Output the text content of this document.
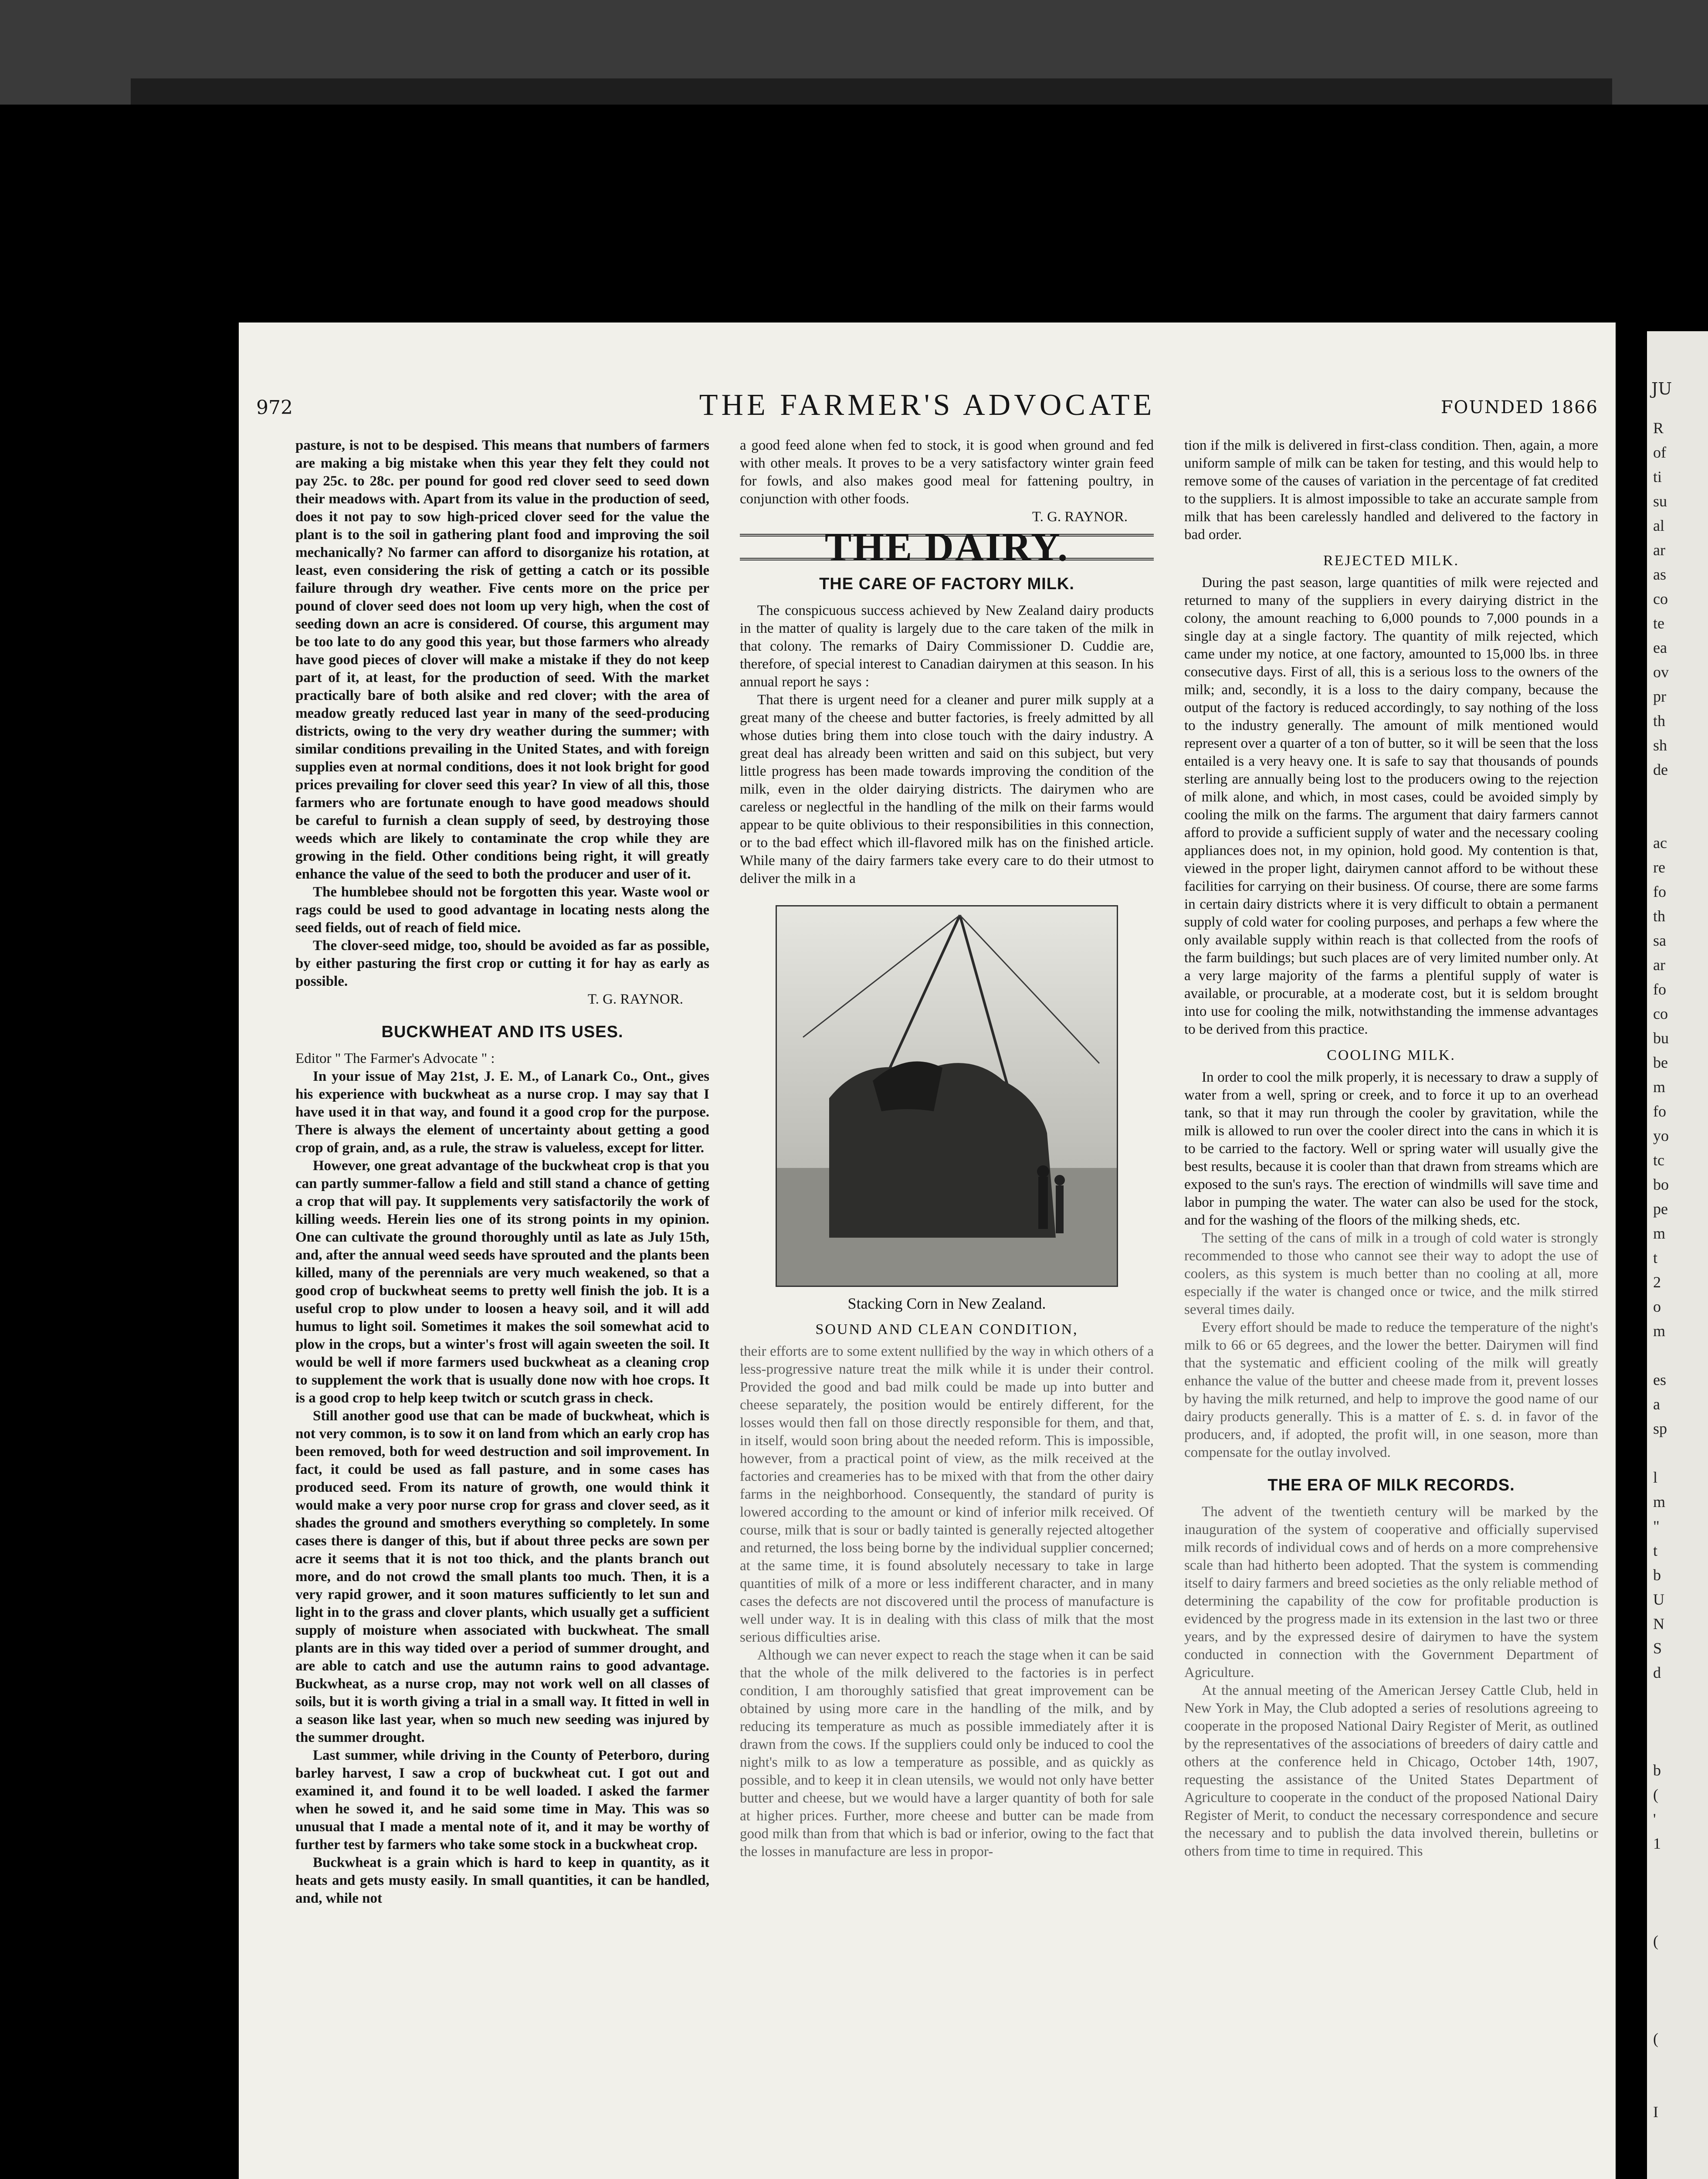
972	THE FARMER'S ADVOCATE	FOUNDED 1866

pasture, is not to be despised. This means that numbers of farmers are making a big mistake when this year they felt they could not pay 25c. to 28c. per pound for good red clover seed to seed down their meadows with. Apart from its value in the production of seed, does it not pay to sow high-priced clover seed for the value the plant is to the soil in gathering plant food and improving the soil mechanically? No farmer can afford to disorganize his rotation, at least, even considering the risk of getting a catch or its possible failure through dry weather. Five cents more on the price per pound of clover seed does not loom up very high, when the cost of seeding down an acre is considered. Of course, this argument may be too late to do any good this year, but those farmers who already have good pieces of clover will make a mistake if they do not keep part of it, at least, for the production of seed. With the market practically bare of both alsike and red clover; with the area of meadow greatly reduced last year in many of the seed-producing districts, owing to the very dry weather during the summer; with similar conditions prevailing in the United States, and with foreign supplies even at normal conditions, does it not look bright for good prices prevailing for clover seed this year? In view of all this, those farmers who are fortunate enough to have good meadows should be careful to furnish a clean supply of seed, by destroying those weeds which are likely to contaminate the crop while they are growing in the field. Other conditions being right, it will greatly enhance the value of the seed to both the producer and user of it.

The humblebee should not be forgotten this year. Waste wool or rags could be used to good advantage in locating nests along the seed fields, out of reach of field mice.

The clover-seed midge, too, should be avoided as far as possible, by either pasturing the first crop or cutting it for hay as early as possible.

T. G. RAYNOR.
BUCKWHEAT AND ITS USES.

Editor " The Farmer's Advocate " :

In your issue of May 21st, J. E. M., of Lanark Co., Ont., gives his experience with buckwheat as a nurse crop. I may say that I have used it in that way, and found it a good crop for the purpose. There is always the element of uncertainty about getting a good crop of grain, and, as a rule, the straw is valueless, except for litter.

However, one great advantage of the buckwheat crop is that you can partly summer-fallow a field and still stand a chance of getting a crop that will pay. It supplements very satisfactorily the work of killing weeds. Herein lies one of its strong points in my opinion. One can cultivate the ground thoroughly until as late as July 15th, and, after the annual weed seeds have sprouted and the plants been killed, many of the perennials are very much weakened, so that a good crop of buckwheat seems to pretty well finish the job. It is a useful crop to plow under to loosen a heavy soil, and it will add humus to light soil. Sometimes it makes the soil somewhat acid to plow in the crops, but a winter's frost will again sweeten the soil. It would be well if more farmers used buckwheat as a cleaning crop to supplement the work that is usually done now with hoe crops. It is a good crop to help keep twitch or scutch grass in check.

Still another good use that can be made of buckwheat, which is not very common, is to sow it on land from which an early crop has been removed, both for weed destruction and soil improvement. In fact, it could be used as fall pasture, and in some cases has produced seed. From its nature of growth, one would think it would make a very poor nurse crop for grass and clover seed, as it shades the ground and smothers everything so completely. In some cases there is danger of this, but if about three pecks are sown per acre it seems that it is not too thick, and the plants branch out more, and do not crowd the small plants too much. Then, it is a very rapid grower, and it soon matures sufficiently to let sun and light in to the grass and clover plants, which usually get a sufficient supply of moisture when associated with buckwheat. The small plants are in this way tided over a period of summer drought, and are able to catch and use the autumn rains to good advantage. Buckwheat, as a nurse crop, may not work well on all classes of soils, but it is worth giving a trial in a small way. It fitted in well in a season like last year, when so much new seeding was injured by the summer drought.

Last summer, while driving in the County of Peterboro, during barley harvest, I saw a crop of buckwheat cut. I got out and examined it, and found it to be well loaded. I asked the farmer when he sowed it, and he said some time in May. This was so unusual that I made a mental note of it, and it may be worthy of further test by farmers who take some stock in a buckwheat crop.

Buckwheat is a grain which is hard to keep in quantity, as it heats and gets musty easily. In small quantities, it can be handled, and, while not

a good feed alone when fed to stock, it is good when ground and fed with other meals. It proves to be a very satisfactory winter grain feed for fowls, and also makes good meal for fattening poultry, in conjunction with other foods.

T. G. RAYNOR.
THE DAIRY.
THE CARE OF FACTORY MILK.

The conspicuous success achieved by New Zealand dairy products in the matter of quality is largely due to the care taken of the milk in that colony. The remarks of Dairy Commissioner D. Cuddie are, therefore, of special interest to Canadian dairymen at this season. In his annual report he says :

That there is urgent need for a cleaner and purer milk supply at a great many of the cheese and butter factories, is freely admitted by all whose duties bring them into close touch with the dairy industry. A great deal has already been written and said on this subject, but very little progress has been made towards improving the condition of the milk, even in the older dairying districts. The dairymen who are careless or neglectful in the handling of the milk on their farms would appear to be quite oblivious to their responsibilities in this connection, or to the bad effect which ill-flavored milk has on the finished article. While many of the dairy farmers take every care to do their utmost to deliver the milk in a

Stacking Corn in New Zealand.

SOUND AND CLEAN CONDITION,

their efforts are to some extent nullified by the way in which others of a less-progressive nature treat the milk while it is under their control. Provided the good and bad milk could be made up into butter and cheese separately, the position would be entirely different, for the losses would then fall on those directly responsible for them, and that, in itself, would soon bring about the needed reform. This is impossible, however, from a practical point of view, as the milk received at the factories and creameries has to be mixed with that from the other dairy farms in the neighborhood. Consequently, the standard of purity is lowered according to the amount or kind of inferior milk received. Of course, milk that is sour or badly tainted is generally rejected altogether and returned, the loss being borne by the individual supplier concerned; at the same time, it is found absolutely necessary to take in large quantities of milk of a more or less indifferent character, and in many cases the defects are not discovered until the process of manufacture is well under way. It is in dealing with this class of milk that the most serious difficulties arise.

Although we can never expect to reach the stage when it can be said that the whole of the milk delivered to the factories is in perfect condition, I am thoroughly satisfied that great improvement can be obtained by using more care in the handling of the milk, and by reducing its temperature as much as possible immediately after it is drawn from the cows. If the suppliers could only be induced to cool the night's milk to as low a temperature as possible, and as quickly as possible, and to keep it in clean utensils, we would not only have better butter and cheese, but we would have a larger quantity of both for sale at higher prices. Further, more cheese and butter can be made from good milk than from that which is bad or inferior, owing to the fact that the losses in manufacture are less in propor-

tion if the milk is delivered in first-class condition. Then, again, a more uniform sample of milk can be taken for testing, and this would help to remove some of the causes of variation in the percentage of fat credited to the suppliers. It is almost impossible to take an accurate sample from milk that has been carelessly handled and delivered to the factory in bad order.

REJECTED MILK.

During the past season, large quantities of milk were rejected and returned to many of the suppliers in every dairying district in the colony, the amount reaching to 6,000 pounds to 7,000 pounds in a single day at a single factory. The quantity of milk rejected, which came under my notice, at one factory, amounted to 15,000 lbs. in three consecutive days. First of all, this is a serious loss to the owners of the milk; and, secondly, it is a loss to the dairy company, because the output of the factory is reduced accordingly, to say nothing of the loss to the industry generally. The amount of milk mentioned would represent over a quarter of a ton of butter, so it will be seen that the loss entailed is a very heavy one. It is safe to say that thousands of pounds sterling are annually being lost to the producers owing to the rejection of milk alone, and which, in most cases, could be avoided simply by cooling the milk on the farms. The argument that dairy farmers cannot afford to provide a sufficient supply of water and the necessary cooling appliances does not, in my opinion, hold good. My contention is that, viewed in the proper light, dairymen cannot afford to be without these facilities for carrying on their business. Of course, there are some farms in certain dairy districts where it is very difficult to obtain a permanent supply of cold water for cooling purposes, and perhaps a few where the only available supply within reach is that collected from the roofs of the farm buildings; but such places are of very limited number only. At a very large majority of the farms a plentiful supply of water is available, or procurable, at a moderate cost, but it is seldom brought into use for cooling the milk, notwithstanding the immense advantages to be derived from this practice.

COOLING MILK.

In order to cool the milk properly, it is necessary to draw a supply of water from a well, spring or creek, and to force it up to an overhead tank, so that it may run through the cooler by gravitation, while the milk is allowed to run over the cooler direct into the cans in which it is to be carried to the factory. Well or spring water will usually give the best results, because it is cooler than that drawn from streams which are exposed to the sun's rays. The erection of windmills will save time and labor in pumping the water. The water can also be used for the stock, and for the washing of the floors of the milking sheds, etc.

The setting of the cans of milk in a trough of cold water is strongly recommended to those who cannot see their way to adopt the use of coolers, as this system is much better than no cooling at all, more especially if the water is changed once or twice, and the milk stirred several times daily.

Every effort should be made to reduce the temperature of the night's milk to 66 or 65 degrees, and the lower the better. Dairymen will find that the systematic and efficient cooling of the milk will greatly enhance the value of the butter and cheese made from it, prevent losses by having the milk returned, and help to improve the good name of our dairy products generally. This is a matter of £. s. d. in favor of the producers, and, if adopted, the profit will, in one season, more than compensate for the outlay involved.

THE ERA OF MILK RECORDS.

The advent of the twentieth century will be marked by the inauguration of the system of cooperative and officially supervised milk records of individual cows and of herds on a more comprehensive scale than had hitherto been adopted. That the system is commending itself to dairy farmers and breed societies as the only reliable method of determining the capability of the cow for profitable production is evidenced by the progress made in its extension in the last two or three years, and by the expressed desire of dairymen to have the system conducted in connection with the Government Department of Agriculture.

At the annual meeting of the American Jersey Cattle Club, held in New York in May, the Club adopted a series of resolutions agreeing to cooperate in the proposed National Dairy Register of Merit, as outlined by the representatives of the associations of breeders of dairy cattle and others at the conference held in Chicago, October 14th, 1907, requesting the assistance of the United States Department of Agriculture to cooperate in the conduct of the proposed National Dairy Register of Merit, to conduct the necessary correspondence and secure the necessary and to publish the data involved therein, bulletins or others from time to time in required. This

JU
R
of
ti
su
al
ar
as
co
te
ea
ov
pr
th
sh
de

ac
re
fo
th
sa
ar
fo
co
bu
be
m
fo
yo
tc
bo
pe
m
t
2
o
m

es
a
sp

l
m
"
t
b
U
N
S
d

b
(
'
1

(

(

I
